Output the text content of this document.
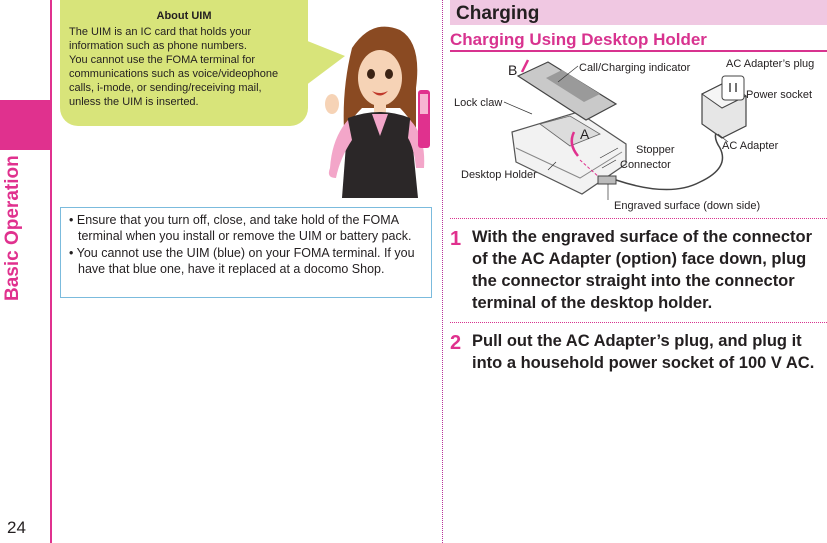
Basic Operation
24
About UIM
The UIM is an IC card that holds your
information such as phone numbers.
You cannot use the FOMA terminal for
communications such as voice/videophone
calls, i-mode, or sending/receiving mail,
unless the UIM is inserted.
• Ensure that you turn off, close, and take hold of the FOMA terminal when you install or remove the UIM or battery pack.
• You cannot use the UIM (blue) on your FOMA terminal. If you have that blue one, have it replaced at a docomo Shop.
Charging
Charging Using Desktop Holder
Call/Charging indicator	AC Adapter’s plug
Power socket
Lock claw
Stopper
Connector
AC Adapter
Desktop Holder
Engraved surface (down side)
A
B
1 With the engraved surface of the connector of the AC Adapter (option) face down, plug the connector straight into the connector terminal of the desktop holder.
2 Pull out the AC Adapter’s plug, and plug it into a household power socket of 100 V AC.
